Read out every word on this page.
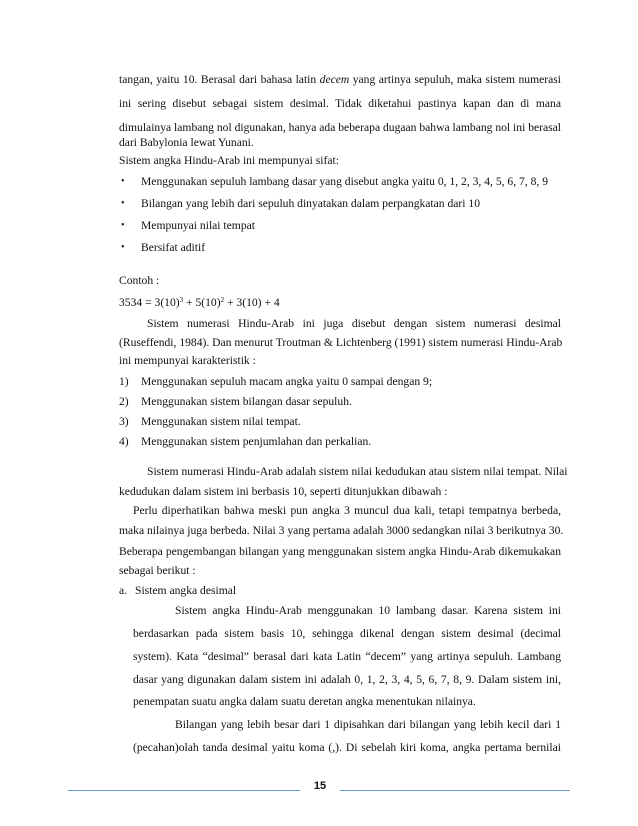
tangan, yaitu 10. Berasal dari bahasa latin decem yang artinya sepuluh, maka sistem numerasi
ini sering disebut sebagai sistem desimal. Tidak diketahui pastinya kapan dan di mana
dimulainya lambang nol digunakan, hanya ada beberapa dugaan bahwa lambang nol ini berasal
dari Babylonia lewat Yunani.
Sistem angka Hindu-Arab ini mempunyai sifat:
• Menggunakan sepuluh lambang dasar yang disebut angka yaitu 0, 1, 2, 3, 4, 5, 6, 7, 8, 9
• Bilangan yang lebih dari sepuluh dinyatakan dalam perpangkatan dari 10
• Mempunyai nilai tempat
• Bersifat aditif
Contoh :
$3534 = 3(10)^3 + 5(10)^2 + 3(10) + 4$
Sistem numerasi Hindu-Arab ini juga disebut dengan sistem numerasi desimal
(Ruseffendi, 1984). Dan menurut Troutman & Lichtenberg (1991) sistem numerasi Hindu-Arab
ini mempunyai karakteristik :
1) Menggunakan sepuluh macam angka yaitu 0 sampai dengan 9;
2) Menggunakan sistem bilangan dasar sepuluh.
3) Menggunakan sistem nilai tempat.
4) Menggunakan sistem penjumlahan dan perkalian.
Sistem numerasi Hindu-Arab adalah sistem nilai kedudukan atau sistem nilai tempat. Nilai
kedudukan dalam sistem ini berbasis 10, seperti ditunjukkan dibawah :
Perlu diperhatikan bahwa meski pun angka 3 muncul dua kali, tetapi tempatnya berbeda,
maka nilainya juga berbeda. Nilai 3 yang pertama adalah 3000 sedangkan nilai 3 berikutnya 30.
Beberapa pengembangan bilangan yang menggunakan sistem angka Hindu-Arab dikemukakan
sebagai berikut :
a. Sistem angka desimal
Sistem angka Hindu-Arab menggunakan 10 lambang dasar. Karena sistem ini
berdasarkan pada sistem basis 10, sehingga dikenal dengan sistem desimal (decimal
system). Kata “desimal” berasal dari kata Latin “decem” yang artinya sepuluh. Lambang
dasar yang digunakan dalam sistem ini adalah 0, 1, 2, 3, 4, 5, 6, 7, 8, 9. Dalam sistem ini,
penempatan suatu angka dalam suatu deretan angka menentukan nilainya.
Bilangan yang lebih besar dari 1 dipisahkan dari bilangan yang lebih kecil dari 1
(pecahan)olah tanda desimal yaitu koma (,). Di sebelah kiri koma, angka pertama bernilai
15
